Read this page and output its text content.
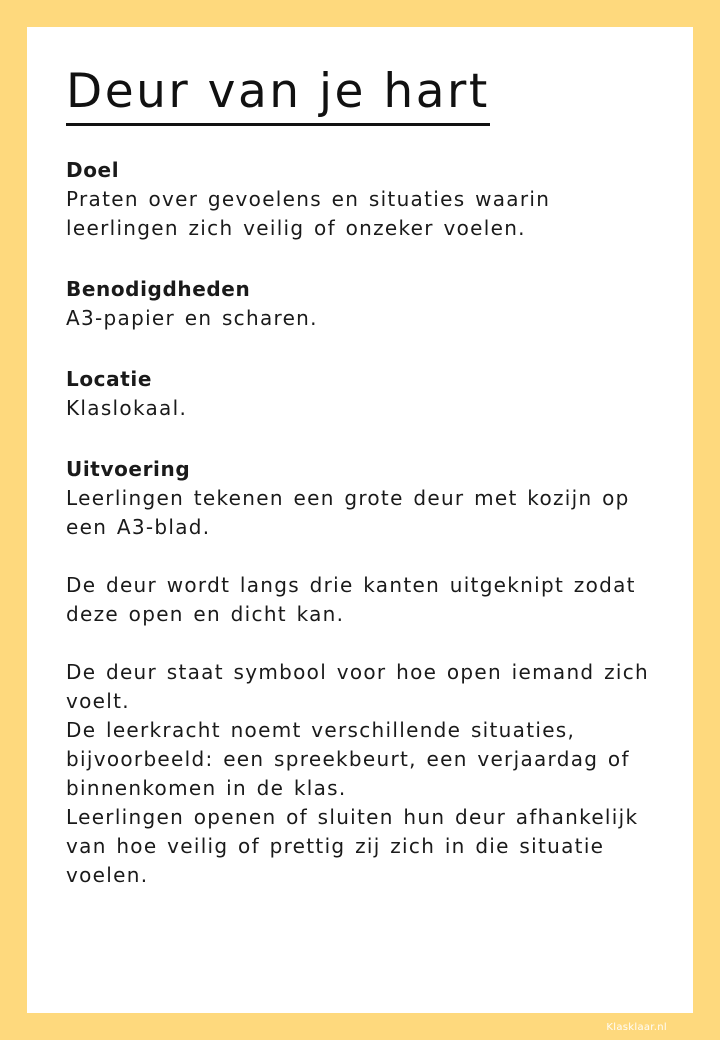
Deur van je hart

Doel

Praten over gevoelens en situaties waarin leerlingen zich veilig of onzeker voelen.

Benodigdheden

A3-papier en scharen.

Locatie

Klaslokaal.

Uitvoering

Leerlingen tekenen een grote deur met kozijn op een A3-blad.

De deur wordt langs drie kanten uitgeknipt zodat deze open en dicht kan.

De deur staat symbool voor hoe open iemand zich voelt.

De leerkracht noemt verschillende situaties, bijvoorbeeld: een spreekbeurt, een verjaardag of binnenkomen in de klas.

Leerlingen openen of sluiten hun deur afhankelijk van hoe veilig of prettig zij zich in die situatie voelen.

Klasklaar.nl
